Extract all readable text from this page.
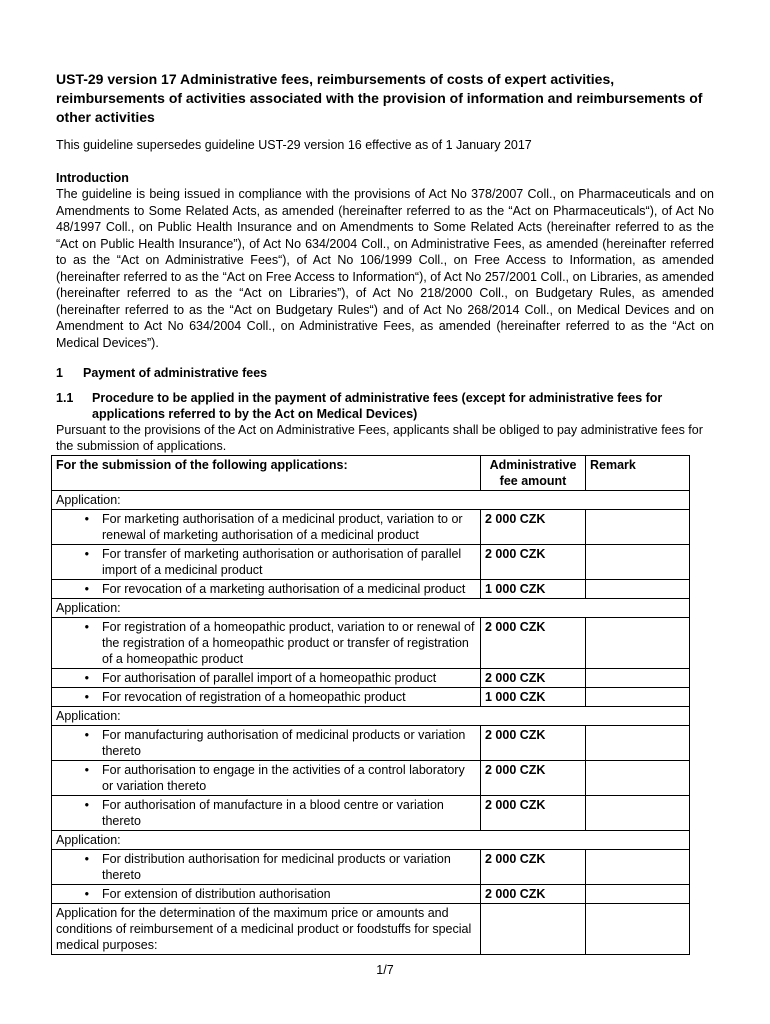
UST-29 version 17 Administrative fees, reimbursements of costs of expert activities, reimbursements of activities associated with the provision of information and reimbursements of other activities

This guideline supersedes guideline UST-29 version 16 effective as of 1 January 2017

Introduction

The guideline is being issued in compliance with the provisions of Act No 378/2007 Coll., on Pharmaceuticals and on Amendments to Some Related Acts, as amended (hereinafter referred to as the “Act on Pharmaceuticals“), of Act No 48/1997 Coll., on Public Health Insurance and on Amendments to Some Related Acts (hereinafter referred to as the “Act on Public Health Insurance”), of Act No 634/2004 Coll., on Administrative Fees, as amended (hereinafter referred to as the “Act on Administrative Fees“), of Act No 106/1999 Coll., on Free Access to Information, as amended (hereinafter referred to as the “Act on Free Access to Information“), of Act No 257/2001 Coll., on Libraries, as amended (hereinafter referred to as the “Act on Libraries”), of Act No 218/2000 Coll., on Budgetary Rules, as amended (hereinafter referred to as the “Act on Budgetary Rules“) and of Act No 268/2014 Coll., on Medical Devices and on Amendment to Act No 634/2004 Coll., on Administrative Fees, as amended (hereinafter referred to as the “Act on Medical Devices”).

1	Payment of administrative fees
1.1	Procedure to be applied in the payment of administrative fees (except for administrative fees for applications referred to by the Act on Medical Devices)

Pursuant to the provisions of the Act on Administrative Fees, applicants shall be obliged to pay administrative fees for the submission of applications.

For the submission of the following applications:	Administrative fee amount	Remark
Application:		

• For marketing authorisation of a medicinal product, variation to or renewal of marketing authorisation of a medicinal product	2 000 CZK	

• For transfer of marketing authorisation or authorisation of parallel import of a medicinal product	2 000 CZK	

• For revocation of a marketing authorisation of a medicinal product	1 000 CZK	
Application:		

• For registration of a homeopathic product, variation to or renewal of the registration of a homeopathic product or transfer of registration of a homeopathic product	2 000 CZK	

• For authorisation of parallel import of a homeopathic product	2 000 CZK	

• For revocation of registration of a homeopathic product	1 000 CZK	
Application:		

• For manufacturing authorisation of medicinal products or variation thereto	2 000 CZK	

• For authorisation to engage in the activities of a control laboratory or variation thereto	2 000 CZK	

• For authorisation of manufacture in a blood centre or variation thereto	2 000 CZK	
Application:		

• For distribution authorisation for medicinal products or variation thereto	2 000 CZK	

• For extension of distribution authorisation	2 000 CZK	
Application for the determination of the maximum price or amounts and conditions of reimbursement of a medicinal product or foodstuffs for special medical purposes:		
1/7
